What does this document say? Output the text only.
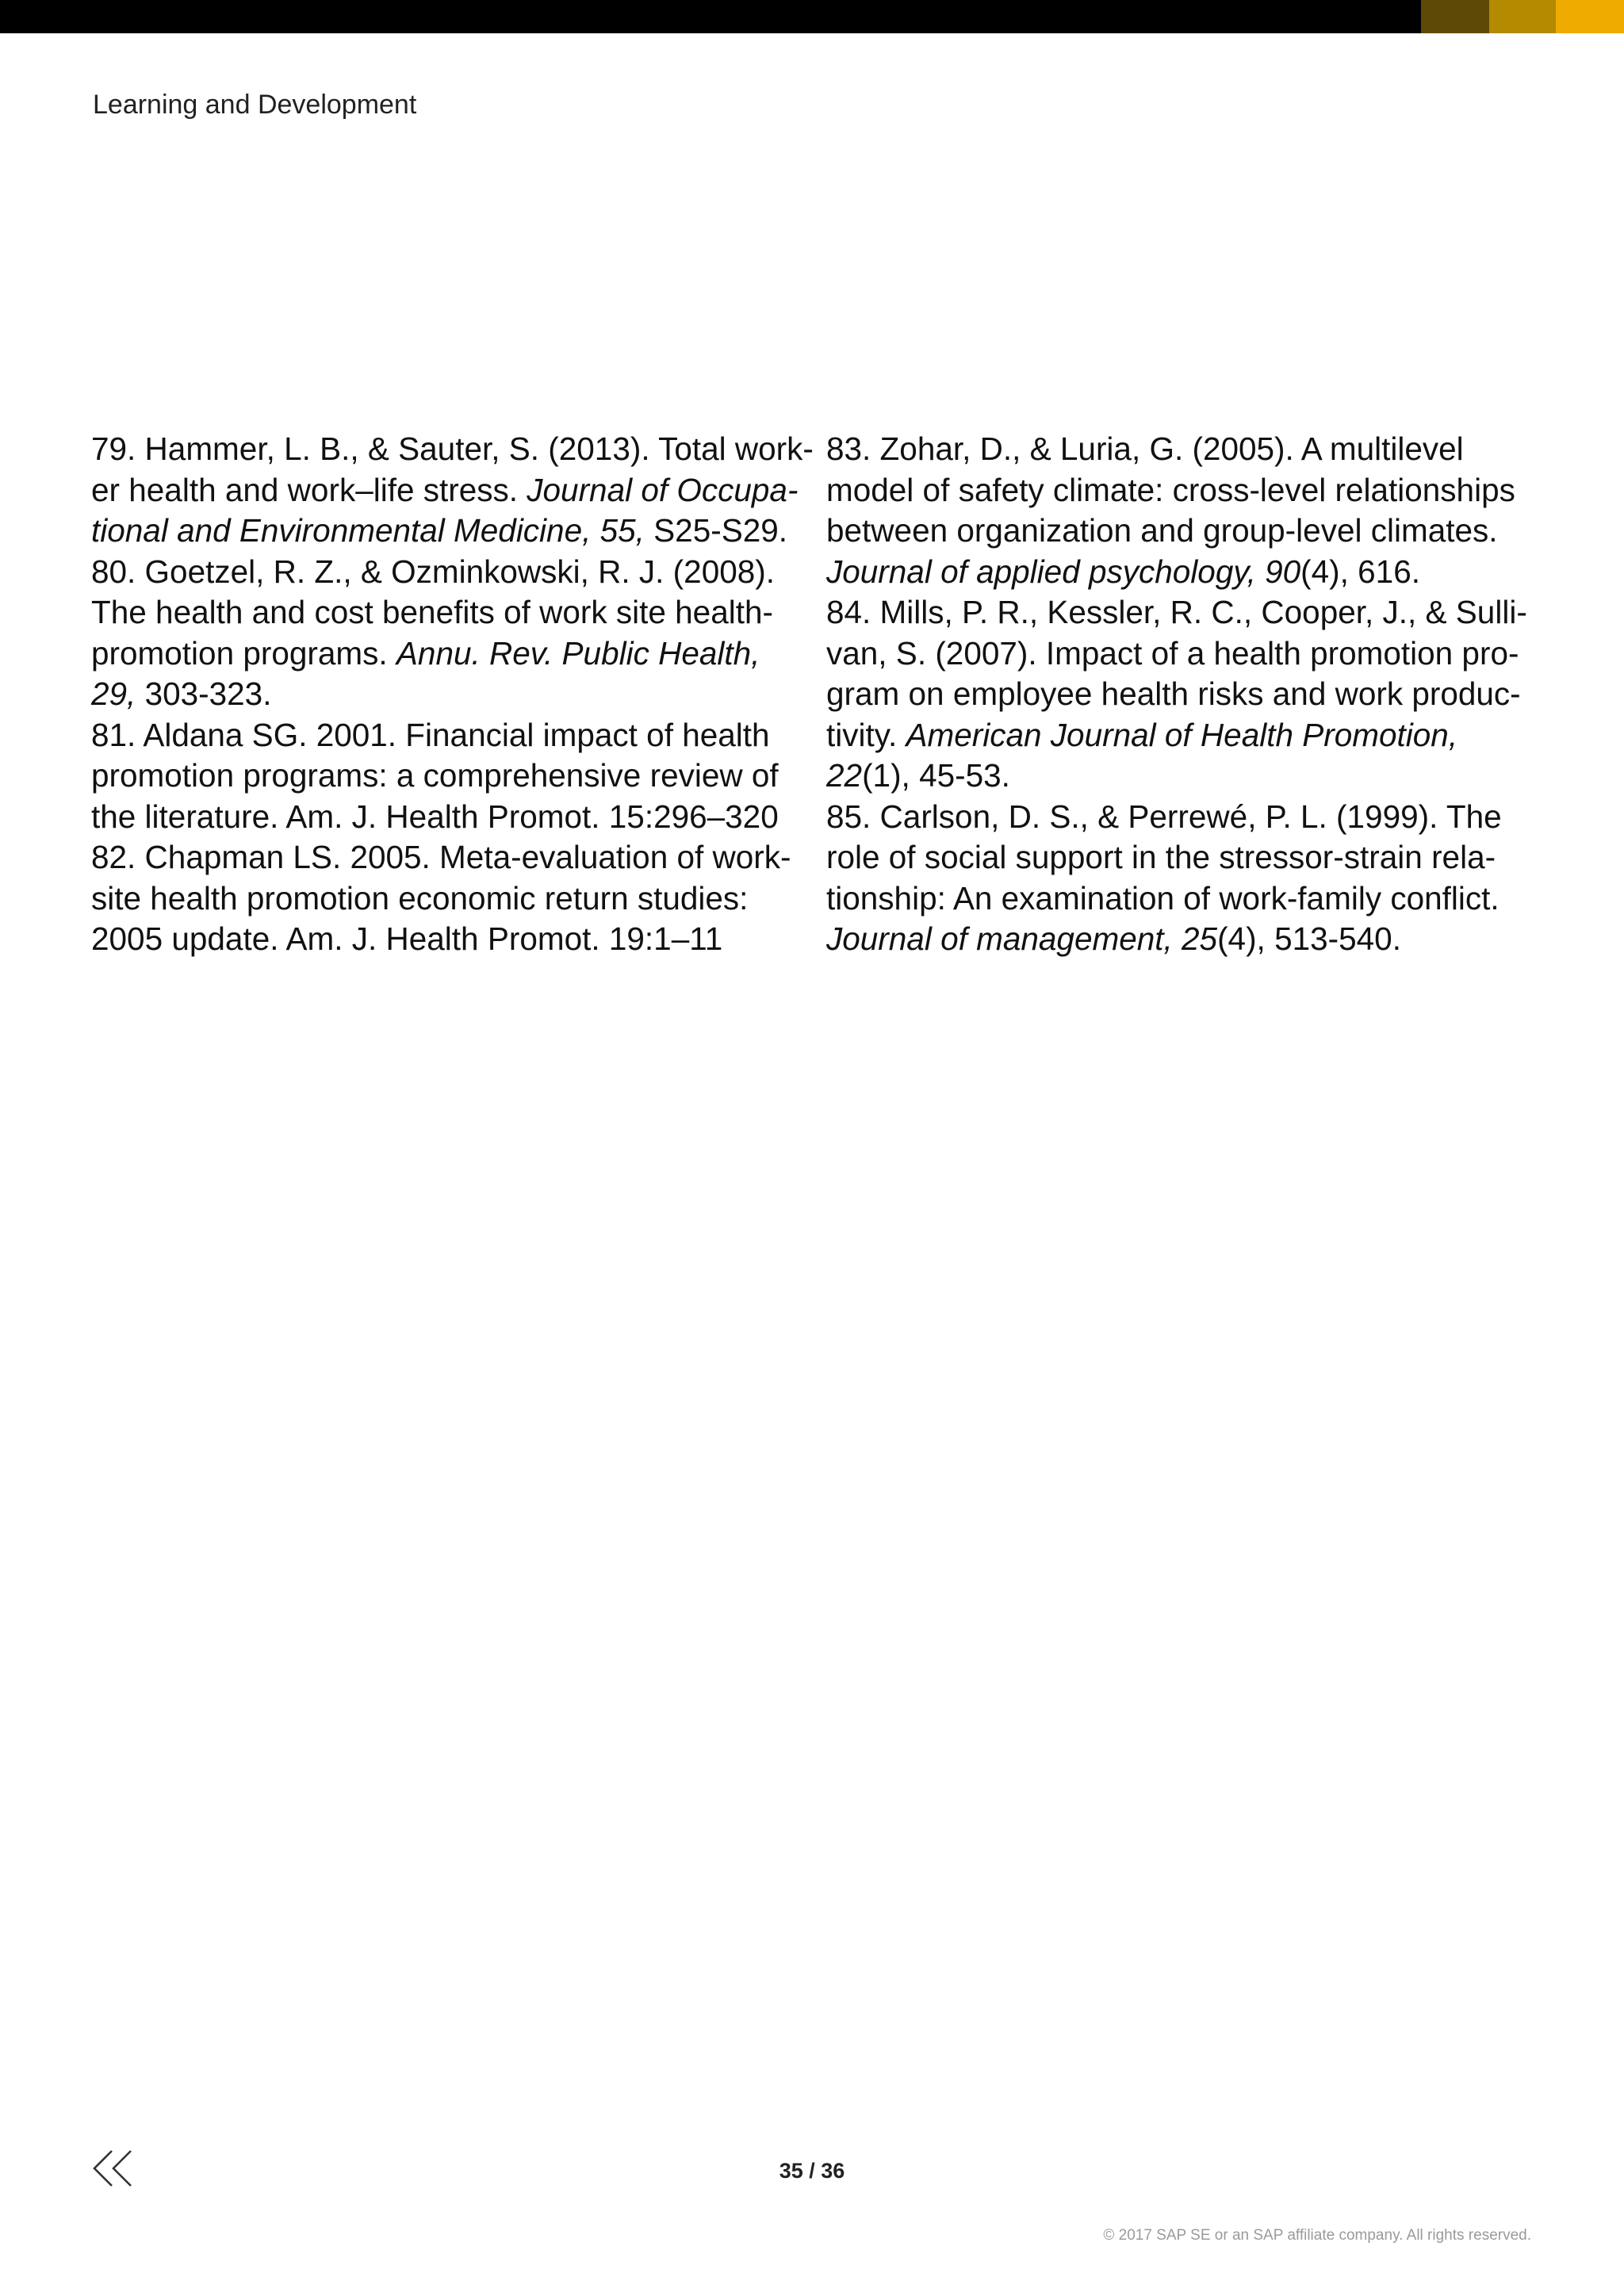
Learning and Development
79. Hammer, L. B., & Sauter, S. (2013). Total work-
er health and work–life stress. Journal of Occupa-
tional and Environmental Medicine, 55, S25-S29.
80. Goetzel, R. Z., & Ozminkowski, R. J. (2008).
The health and cost benefits of work site health-
promotion programs. Annu. Rev. Public Health,
29, 303-323.
81. Aldana SG. 2001. Financial impact of health
promotion programs: a comprehensive review of
the literature. Am. J. Health Promot. 15:296–320
82. Chapman LS. 2005. Meta-evaluation of work-
site health promotion economic return studies:
2005 update. Am. J. Health Promot. 19:1–11
83. Zohar, D., & Luria, G. (2005). A multilevel
model of safety climate: cross-level relationships
between organization and group-level climates.
Journal of applied psychology, 90(4), 616.
84. Mills, P. R., Kessler, R. C., Cooper, J., & Sulli-
van, S. (2007). Impact of a health promotion pro-
gram on employee health risks and work produc-
tivity. American Journal of Health Promotion,
22(1), 45-53.
85. Carlson, D. S., & Perrewé, P. L. (1999). The
role of social support in the stressor-strain rela-
tionship: An examination of work-family conflict.
Journal of management, 25(4), 513-540.
35 / 36
© 2017 SAP SE or an SAP affiliate company. All rights reserved.
